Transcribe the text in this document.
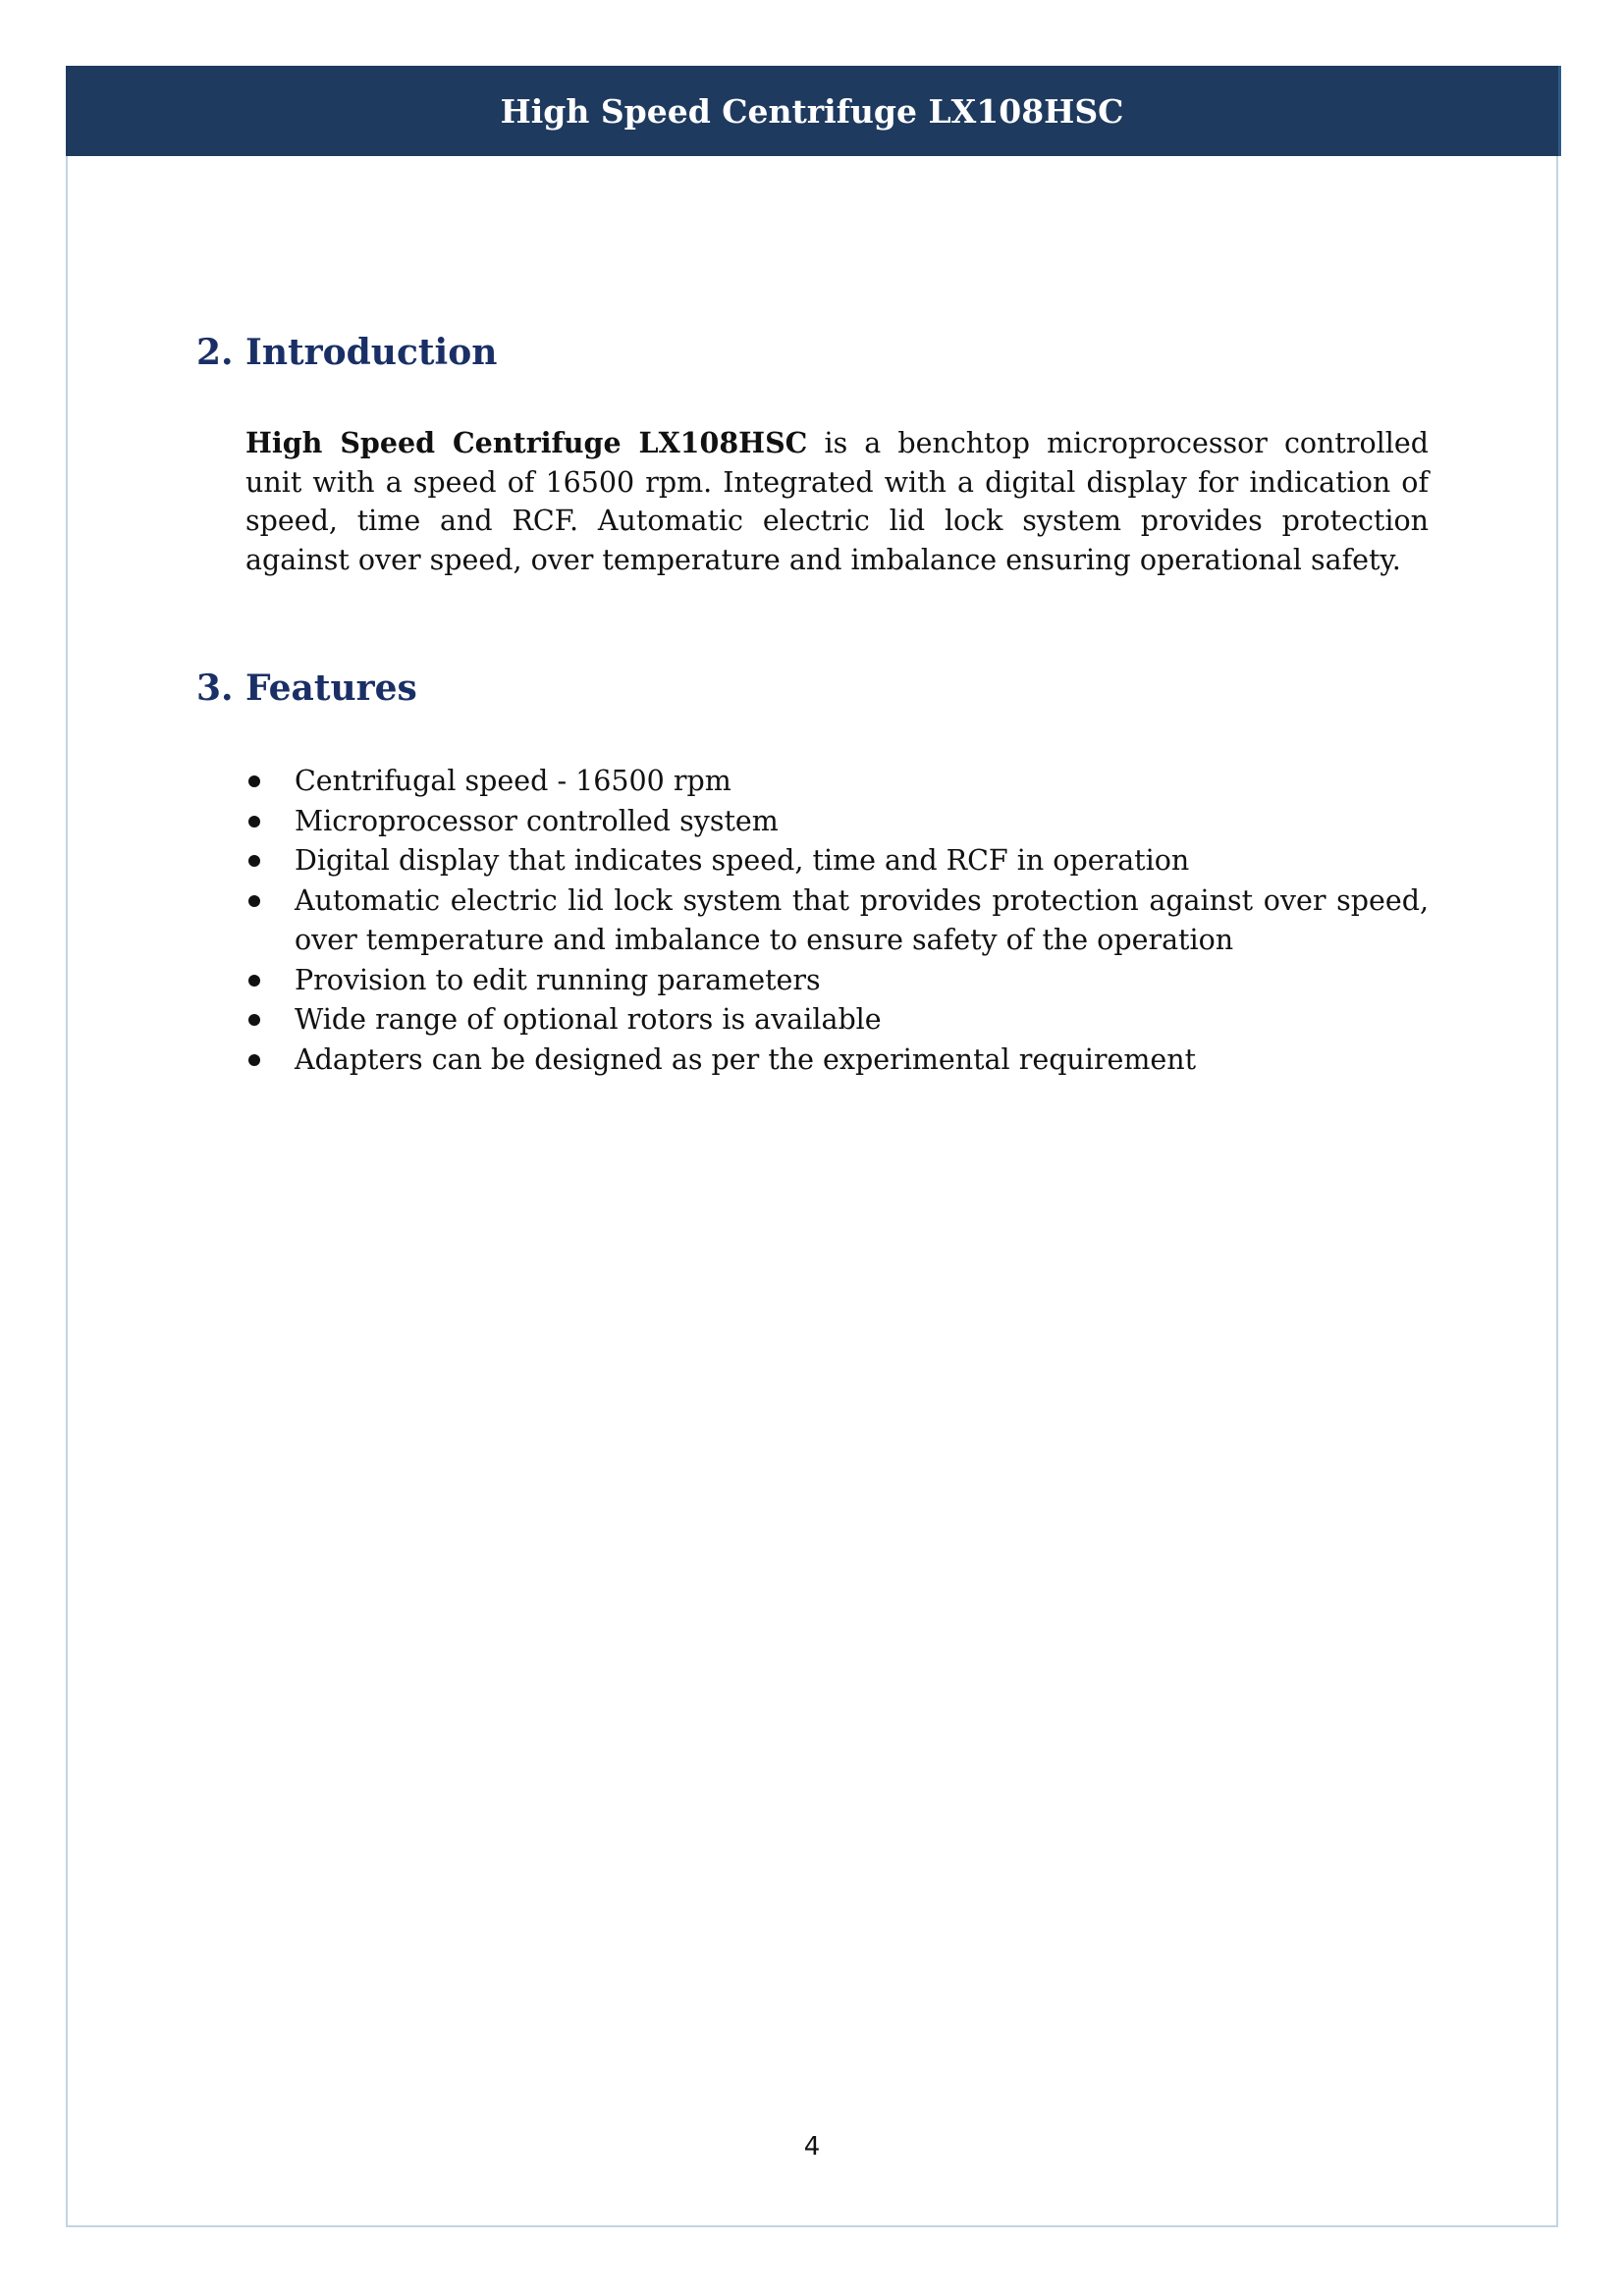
High Speed Centrifuge LX108HSC
2. Introduction

High Speed Centrifuge LX108HSC is a benchtop microprocessor controlled unit with a speed of 16500 rpm. Integrated with a digital display for indication of speed, time and RCF. Automatic electric lid lock system provides protection against over speed, over temperature and imbalance ensuring operational safety.

3. Features
Centrifugal speed - 16500 rpm
Microprocessor controlled system
Digital display that indicates speed, time and RCF in operation
Automatic electric lid lock system that provides protection against over speed, over temperature and imbalance to ensure safety of the operation
Provision to edit running parameters
Wide range of optional rotors is available
Adapters can be designed as per the experimental requirement
4
